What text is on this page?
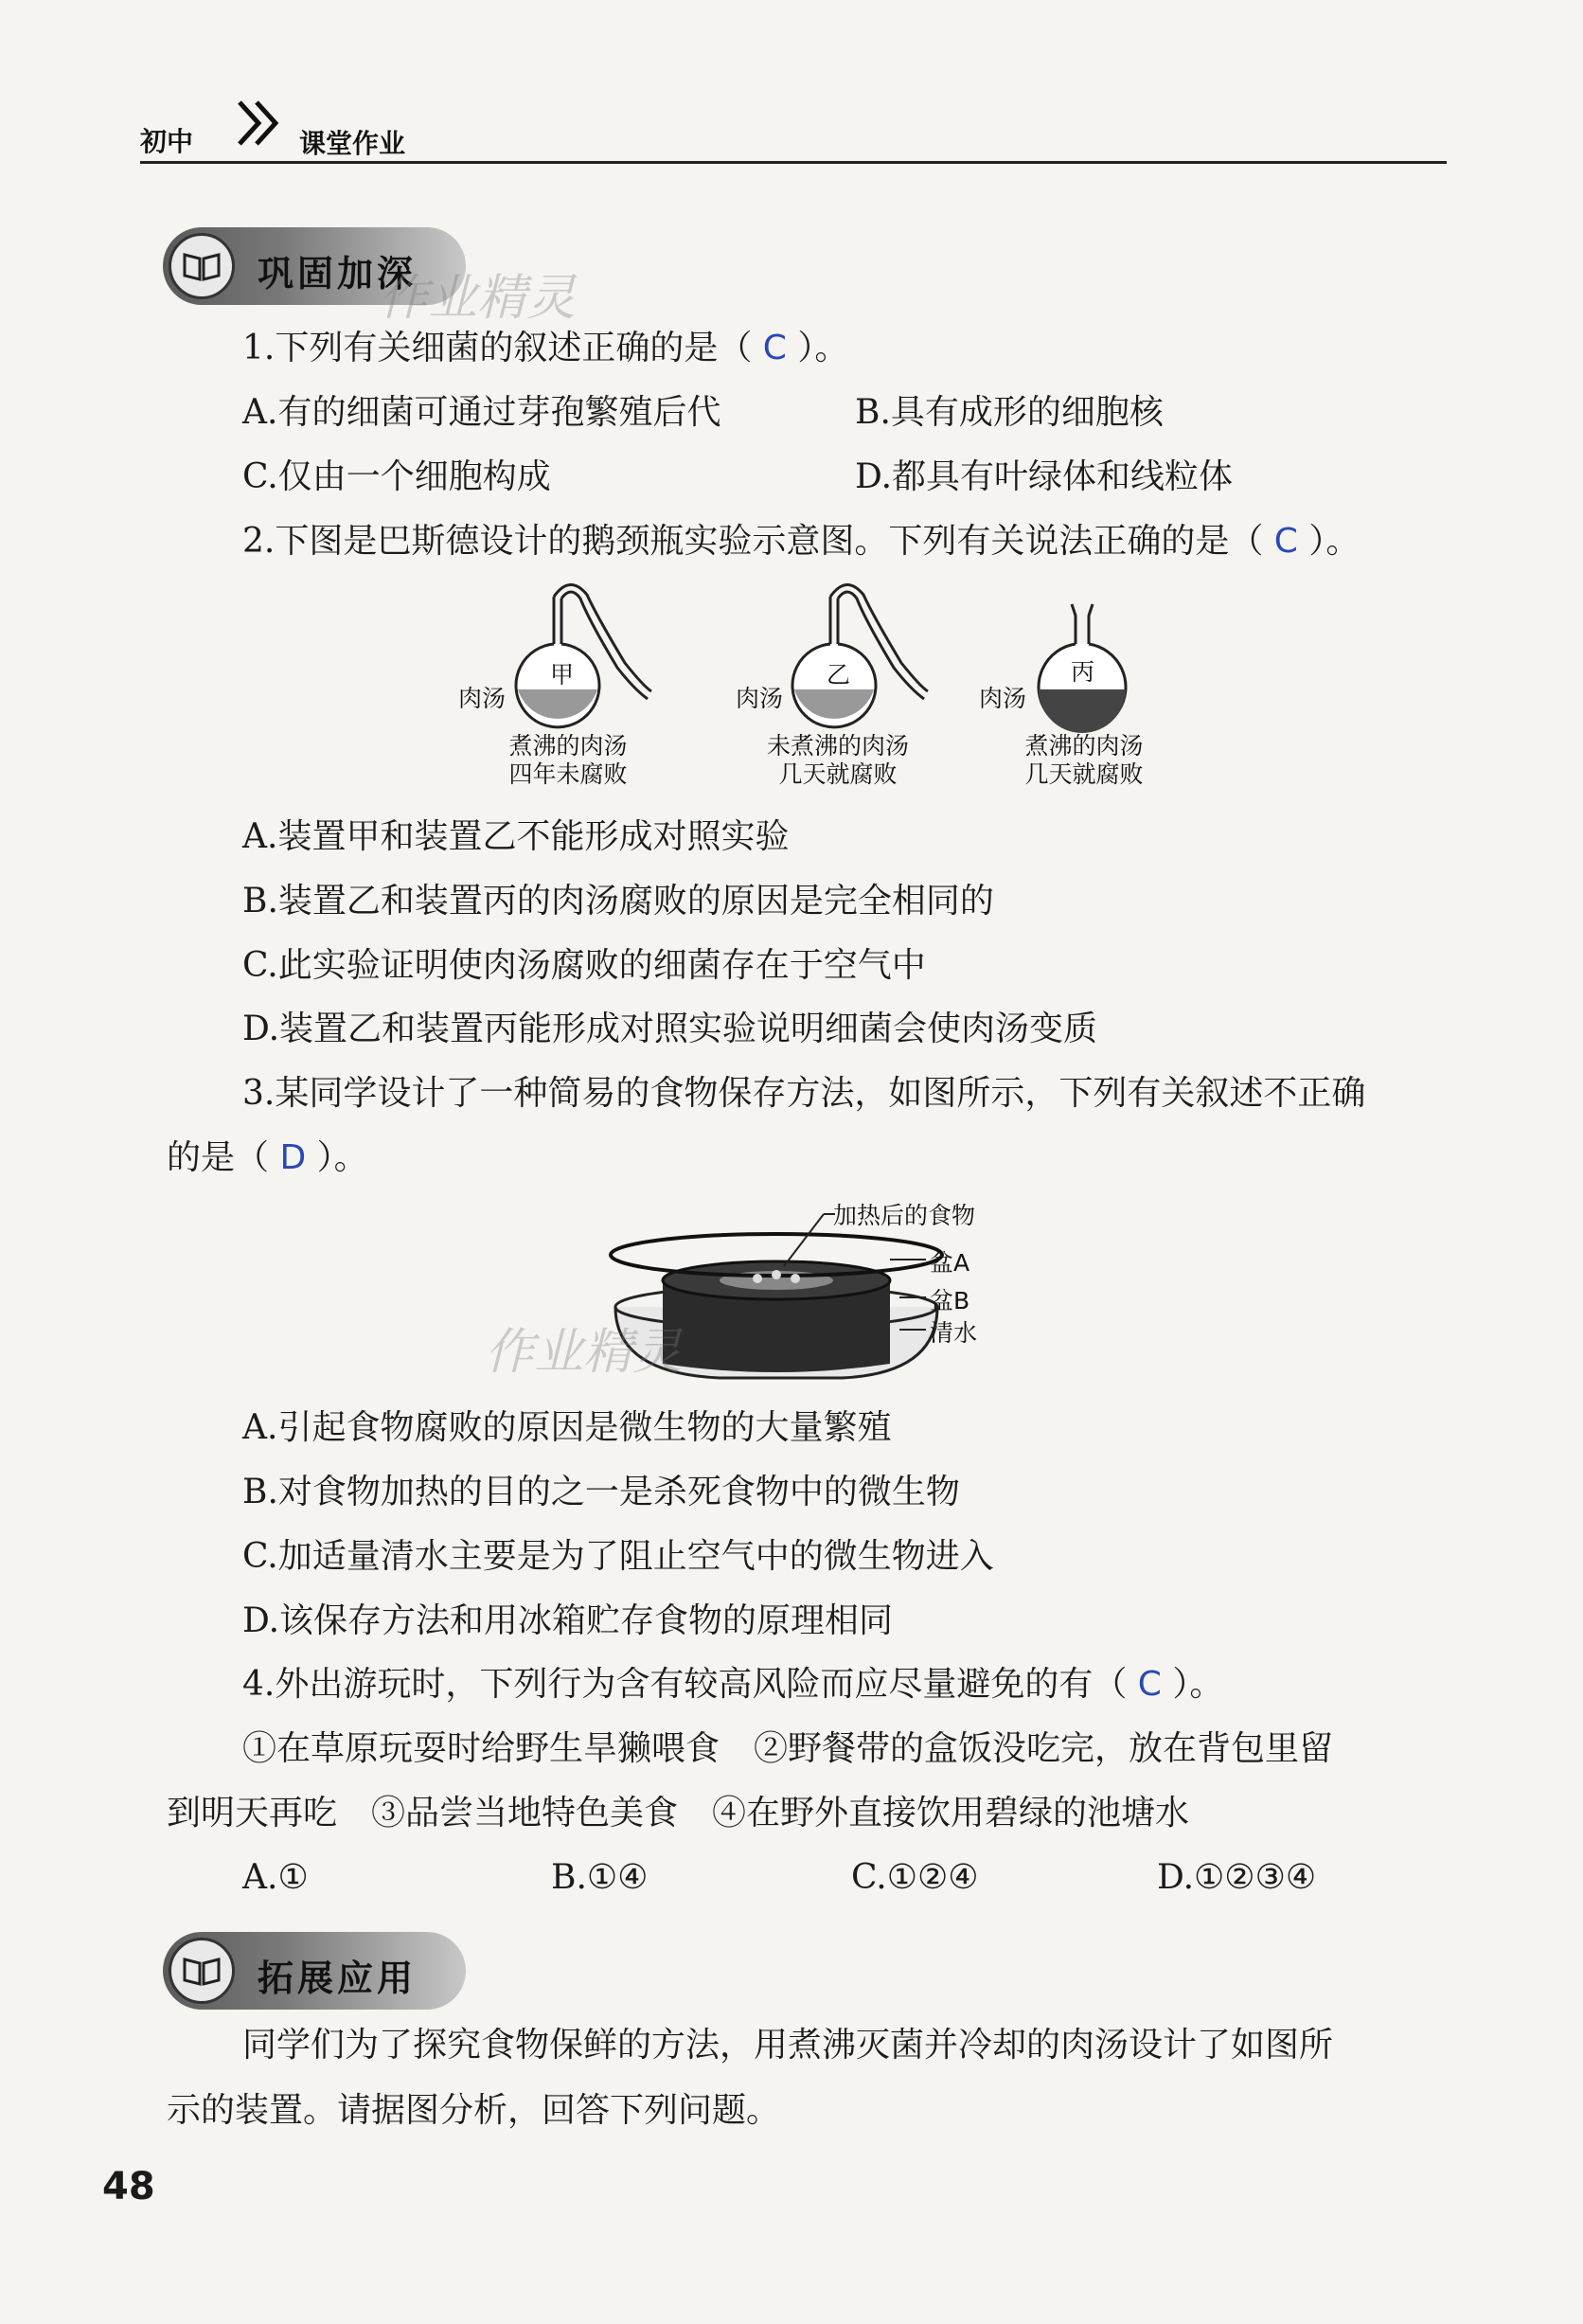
初中	课堂作业
巩固加深
作业精灵
1.下列有关细菌的叙述正确的是（ C ）。
A.有的细菌可通过芽孢繁殖后代	B.具有成形的细胞核
C.仅由一个细胞构成	D.都具有叶绿体和线粒体
2.下图是巴斯德设计的鹅颈瓶实验示意图。下列有关说法正确的是（ C ）。
肉汤
甲
肉汤
乙
肉汤
丙
煮沸的肉汤
四年未腐败
未煮沸的肉汤
几天就腐败
煮沸的肉汤
几天就腐败
A.装置甲和装置乙不能形成对照实验
B.装置乙和装置丙的肉汤腐败的原因是完全相同的
C.此实验证明使肉汤腐败的细菌存在于空气中
D.装置乙和装置丙能形成对照实验说明细菌会使肉汤变质
3.某同学设计了一种简易的食物保存方法，如图所示，下列有关叙述不正确
的是（ D ）。
加热后的食物
盆A
盆B
清水
作业精灵
A.引起食物腐败的原因是微生物的大量繁殖
B.对食物加热的目的之一是杀死食物中的微生物
C.加适量清水主要是为了阻止空气中的微生物进入
D.该保存方法和用冰箱贮存食物的原理相同
4.外出游玩时，下列行为含有较高风险而应尽量避免的有（ C ）。
①在草原玩耍时给野生旱獭喂食　②野餐带的盒饭没吃完，放在背包里留
到明天再吃　③品尝当地特色美食　④在野外直接饮用碧绿的池塘水
A.①	B.①④	C.①②④	D.①②③④
拓展应用
同学们为了探究食物保鲜的方法，用煮沸灭菌并冷却的肉汤设计了如图所
示的装置。请据图分析，回答下列问题。
48
